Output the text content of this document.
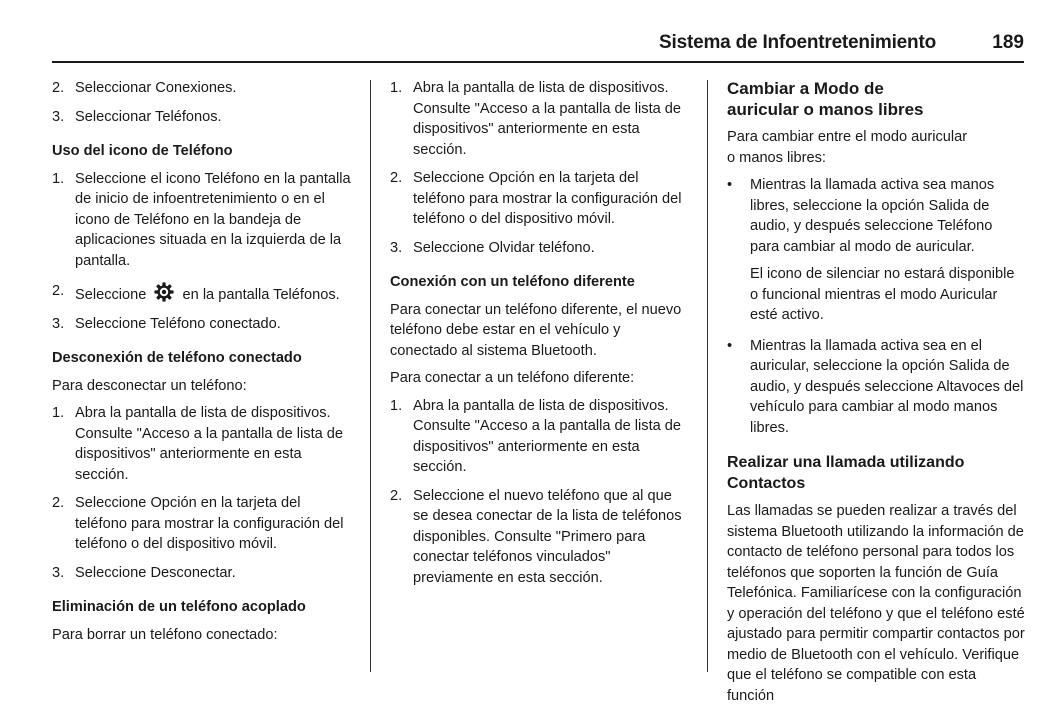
Sistema de Infoentretenimiento	189
2. Seleccionar Conexiones.
3. Seleccionar Teléfonos.
Uso del icono de Teléfono
1. Seleccione el icono Teléfono en la pantalla de inicio de infoentretenimiento o en el icono de Teléfono en la bandeja de aplicaciones situada en la izquierda de la pantalla.
2. Seleccione en la pantalla Teléfonos.
3. Seleccione Teléfono conectado.
Desconexión de teléfono conectado
Para desconectar un teléfono:
1. Abra la pantalla de lista de dispositivos. Consulte "Acceso a la pantalla de lista de dispositivos" anteriormente en esta sección.
2. Seleccione Opción en la tarjeta del teléfono para mostrar la configuración del teléfono o del dispositivo móvil.
3. Seleccione Desconectar.
Eliminación de un teléfono acoplado
Para borrar un teléfono conectado:
1. Abra la pantalla de lista de dispositivos. Consulte "Acceso a la pantalla de lista de dispositivos" anteriormente en esta sección.
2. Seleccione Opción en la tarjeta del teléfono para mostrar la configuración del teléfono o del dispositivo móvil.
3. Seleccione Olvidar teléfono.
Conexión con un teléfono diferente
Para conectar un teléfono diferente, el nuevo teléfono debe estar en el vehículo y conectado al sistema Bluetooth.
Para conectar a un teléfono diferente:
1. Abra la pantalla de lista de dispositivos. Consulte "Acceso a la pantalla de lista de dispositivos" anteriormente en esta sección.
2. Seleccione el nuevo teléfono que al que se desea conectar de la lista de teléfonos disponibles. Consulte "Primero para conectar teléfonos vinculados" previamente en esta sección.
Cambiar a Modo de auricular o manos libres
Para cambiar entre el modo auricular o manos libres:
•	Mientras la llamada activa sea manos libres, seleccione la opción Salida de audio, y después seleccione Teléfono para cambiar al modo de auricular.
El icono de silenciar no estará disponible o funcional mientras el modo Auricular esté activo.
•	Mientras la llamada activa sea en el auricular, seleccione la opción Salida de audio, y después seleccione Altavoces del vehículo para cambiar al modo manos libres.
Realizar una llamada utilizando Contactos
Las llamadas se pueden realizar a través del sistema Bluetooth utilizando la información de contacto de teléfono personal para todos los teléfonos que soporten la función de Guía Telefónica. Familiarícese con la configuración y operación del teléfono y que el teléfono esté ajustado para permitir compartir contactos por medio de Bluetooth con el vehículo. Verifique que el teléfono se compatible con esta función
